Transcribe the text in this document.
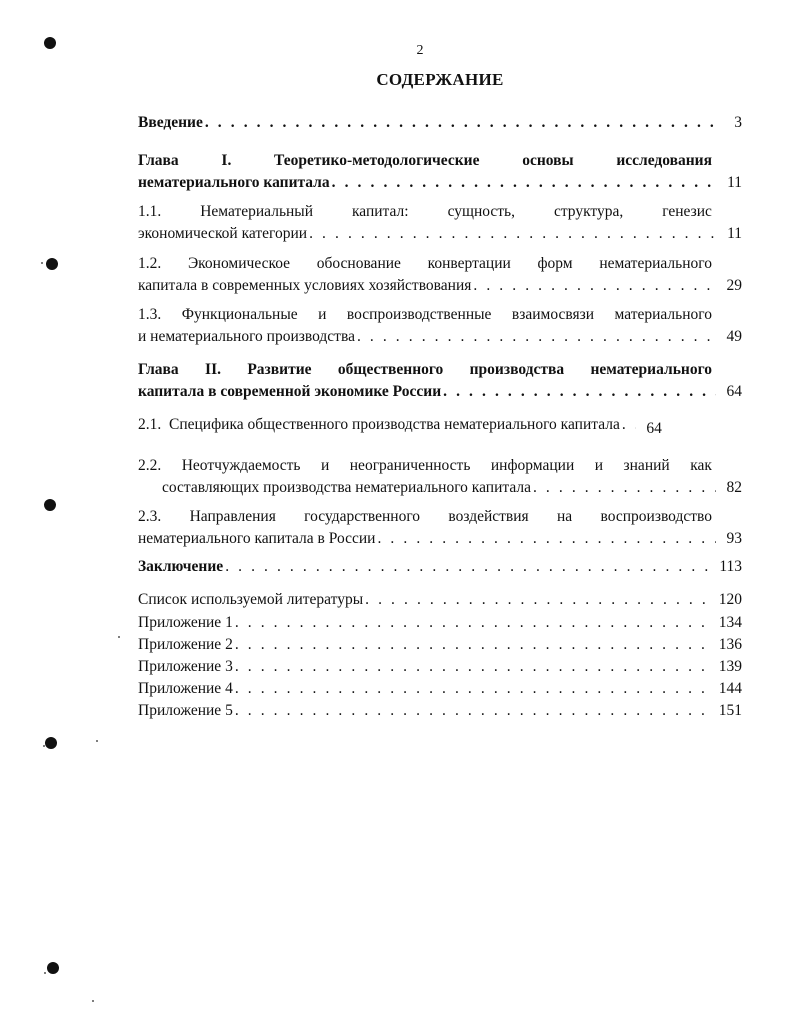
2
СОДЕРЖАНИЕ
Введение . . .	3
Глава	I.	Теоретико-методологические	основы	исследования
нематериального капитала . . .	11
1.1.	Нематериальный	капитал:	сущность,	структура,	генезис
экономической категории . . .	11
1.2. Экономическое обоснование конвертации форм нематериального
капитала в современных условиях хозяйствования . . .	29
1.3. Функциональные и воспроизводственные взаимосвязи материального
и нематериального производства . . .	49
Глава II. Развитие общественного производства нематериального
капитала в современной экономике России . . .	64
2.1.  Специфика общественного производства нематериального капитала . . .	64
2.2. Неотчуждаемость и неограниченность информации и знаний как
составляющих производства нематериального капитала . . .	82
2.3. Направления государственного воздействия на воспроизводство
нематериального капитала в России . . .	93
Заключение . . .	113
Список используемой литературы . . .	120
Приложение 1 . . .	134
Приложение 2 . . .	136
Приложение 3 . . .	139
Приложение 4 . . .	144
Приложение 5 . . .	151
